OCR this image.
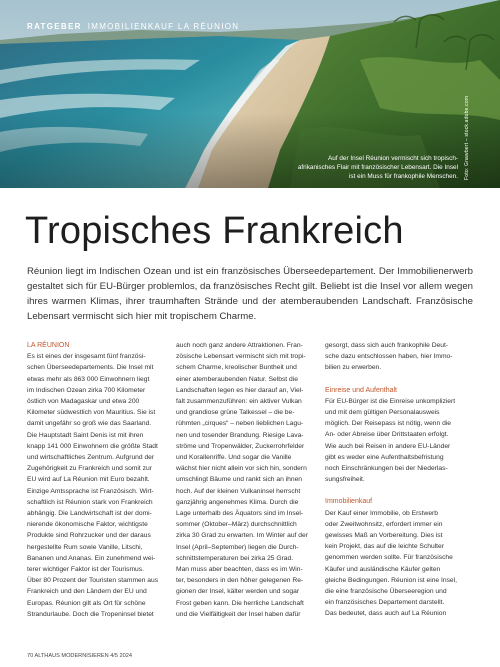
RATGEBER IMMOBILIENKAUF LA RÉUNION
Foto: Gnawbert – stock.adobe.com
Auf der Insel Réunion vermischt sich tropisch-afrikanisches Flair mit französischer Lebensart. Die Insel ist ein Muss für frankophile Menschen.
Tropisches Frankreich

Réunion liegt im Indischen Ozean und ist ein französisches Überseedepartement. Der Immobilienerwerb gestaltet sich für EU-Bürger problemlos, da französisches Recht gilt. Beliebt ist die Insel vor allem wegen ihres warmen Klimas, ihrer traumhaften Strände und der atemberaubenden Landschaft. Französische Lebensart vermischt sich hier mit tropischem Charme.

LA RÉUNION

Es ist eines der insgesamt fünf französi-
schen Überseedepartements. Die Insel mit
etwas mehr als 863 000 Einwohnern liegt
im Indischen Ozean zirka 700 Kilometer
östlich von Madagaskar und etwa 200
Kilometer südwestlich von Mauritius. Sie ist
damit ungefähr so groß wie das Saarland.
Die Hauptstadt Saint Denis ist mit ihren
knapp 141 000 Einwohnern die größte Stadt
und wirtschaftliches Zentrum. Aufgrund der
Zugehörigkeit zu Frankreich und somit zur
EU wird auf La Réunion mit Euro bezahlt.
Einzige Amtssprache ist Französisch. Wirt-
schaftlich ist Réunion stark von Frankreich
abhängig. Die Landwirtschaft ist der domi-
nierende ökonomische Faktor, wichtigste
Produkte sind Rohrzucker und der daraus
hergestellte Rum sowie Vanille, Litschi,
Bananen und Ananas. Ein zunehmend wei-
terer wichtiger Faktor ist der Tourismus.
Über 80 Prozent der Touristen stammen aus
Frankreich und den Ländern der EU und
Europas. Réunion gilt als Ort für schöne
Strandurlaube. Doch die Tropeninsel bietet
auch noch ganz andere Attraktionen. Fran-
zösische Lebensart vermischt sich mit tropi-
schem Charme, kreolischer Buntheit und
einer atemberaubenden Natur. Selbst die
Landschaften legen es hier darauf an, Viel-
falt zusammenzuführen: ein aktiver Vulkan
und grandiose grüne Talkessel – die be-
rühmten „cirques“ – neben lieblichen Lagu-
nen und tosender Brandung. Riesige Lava-
ströme und Tropenwälder, Zuckerrohrfelder
und Korallenriffe. Und sogar die Vanille
wächst hier nicht allein vor sich hin, sondern
umschlingt Bäume und rankt sich an ihnen
hoch. Auf der kleinen Vulkaninsel herrscht
ganzjährig angenehmes Klima. Durch die
Lage unterhalb des Äquators sind im Insel-
sommer (Oktober–März) durchschnittlich
zirka 30 Grad zu erwarten. Im Winter auf der
Insel (April–September) liegen die Durch-
schnittstemperaturen bei zirka 25 Grad.
Man muss aber beachten, dass es im Win-
ter, besonders in den höher gelegenen Re-
gionen der Insel, kälter werden und sogar
Frost geben kann. Die herrliche Landschaft
und die Vielfältigkeit der Insel haben dafür
gesorgt, dass sich auch frankophile Deut-
sche dazu entschlossen haben, hier Immo-
bilien zu erwerben.

Einreise und Aufenthalt

Für EU-Bürger ist die Einreise unkompliziert
und mit dem gültigen Personalausweis
möglich. Der Reisepass ist nötig, wenn die
An- oder Abreise über Drittstaaten erfolgt.
Wie auch bei Reisen in andere EU-Länder
gibt es weder eine Aufenthaltsbefristung
noch Einschränkungen bei der Niederlas-
sungsfreiheit.

Immobilienkauf

Der Kauf einer Immobilie, ob Erstwerb
oder Zweitwohnsitz, erfordert immer ein
gewisses Maß an Vorbereitung. Dies ist
kein Projekt, das auf die leichte Schulter
genommen werden sollte. Für französische
Käufer und ausländische Käufer gelten
gleiche Bedingungen. Réunion ist eine Insel,
die eine französische Überseeregion und
ein französisches Departement darstellt.
Das bedeutet, dass auch auf La Réunion
70 ALTHAUS MODERNISIEREN 4/5 2024
